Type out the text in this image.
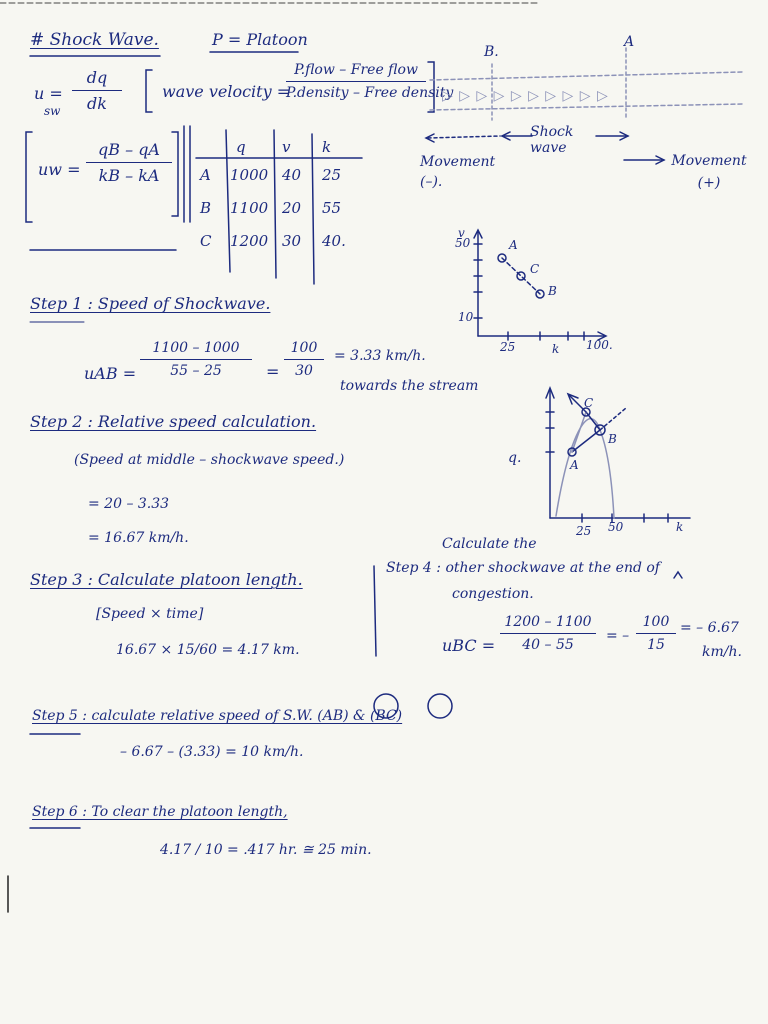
# Shock Wave.	P = Platoon
u =
sw
dq
dk
wave velocity =
P.flow – Free flow
P.density – Free density
uw =
qB – qA
kB – kA
q v k
A 1000 40 25
B 1100 20 55
C 1200 30 40.
B.
A
▷ ▷ ▷ ▷ ▷ ▷ ▷ ▷ ▷ ▷
Shock wave
Movement (–).
Movement (+)
v
50
10
25	k 100.
A
C
B
q.
25 50	k
C
B
A
Step 1 : Speed of Shockwave.
uAB =
1100 – 1000
55 – 25	=
100
30
= 3.33 km/h.
towards the stream
Step 2 : Relative speed calculation.
(Speed at middle – shockwave speed.)
= 20 – 3.33
= 16.67 km/h.
Step 3 : Calculate platoon length.
[Speed × time]
16.67 × 15/60 = 4.17 km.
Calculate the
Step 4 : other shockwave at the end of
congestion.
uBC =
1200 – 1100
40 – 55
= –
100
15
= – 6.67
km/h.
Step 5 : calculate relative speed of S.W. (AB) & (BC)
– 6.67 – (3.33) = 10 km/h.
Step 6 : To clear the platoon length,
4.17 / 10 = .417 hr. ≅ 25 min.
